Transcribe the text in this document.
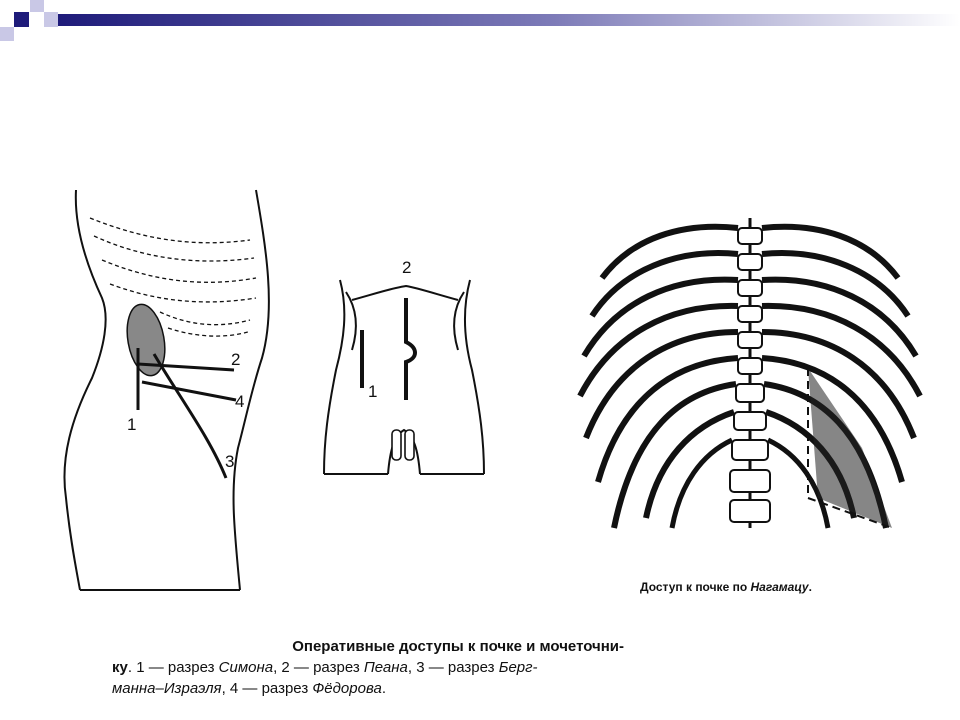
1
2
3
4
1
2
Доступ к почке по Нагамацу.
Оперативные доступы к почке и мочеточни-
ку. 1 — разрез Симона, 2 — разрез Пеана, 3 — разрез Берг-
манна–Израэля, 4 — разрез Фёдорова.
